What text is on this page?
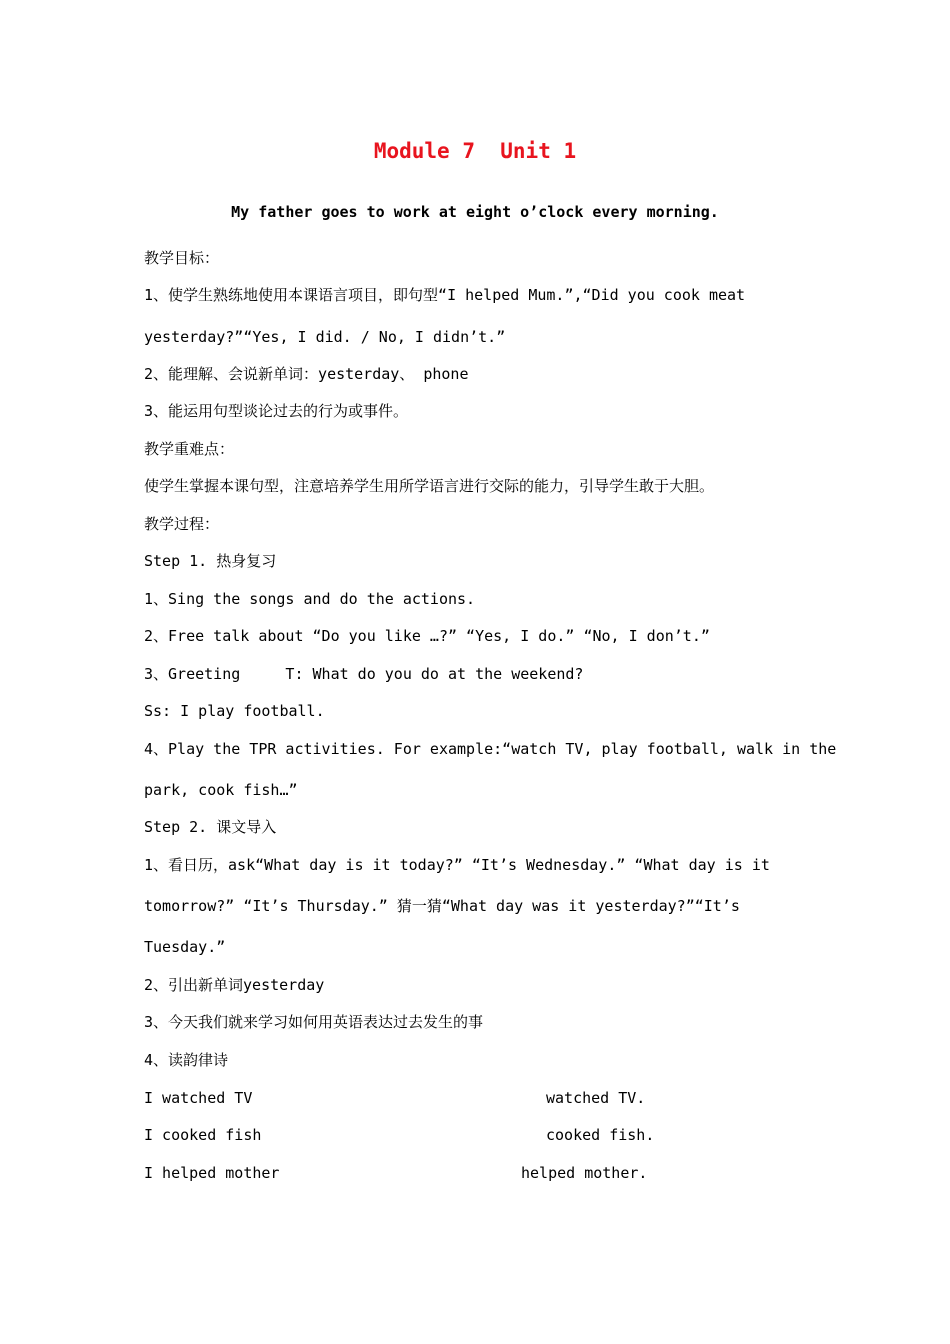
Module 7  Unit 1
My father goes to work at eight o’clock every morning.
教学目标：
1、使学生熟练地使用本课语言项目，即句型“I helped Mum.”,“Did you cook meat
yesterday?”“Yes, I did. / No, I didn’t.”
2、能理解、会说新单词：yesterday、 phone
3、能运用句型谈论过去的行为或事件。
教学重难点：
使学生掌握本课句型，注意培养学生用所学语言进行交际的能力，引导学生敢于大胆。
教学过程：
Step 1. 热身复习
1、Sing the songs and do the actions.
2、Free talk about “Do you like …?” “Yes, I do.” “No, I don’t.”
3、Greeting     T: What do you do at the weekend?
Ss: I play football.
4、Play the TPR activities. For example:“watch TV, play football, walk in the
park, cook fish…”
Step 2. 课文导入
1、看日历，ask“What day is it today?” “It’s Wednesday.” “What day is it
tomorrow?” “It’s Thursday.” 猜一猜“What day was it yesterday?”“It’s
Tuesday.”
2、引出新单词yesterday
3、今天我们就来学习如何用英语表达过去发生的事
4、读韵律诗
I watched TV	watched TV.
I cooked fish	cooked fish.
I helped mother	helped mother.
